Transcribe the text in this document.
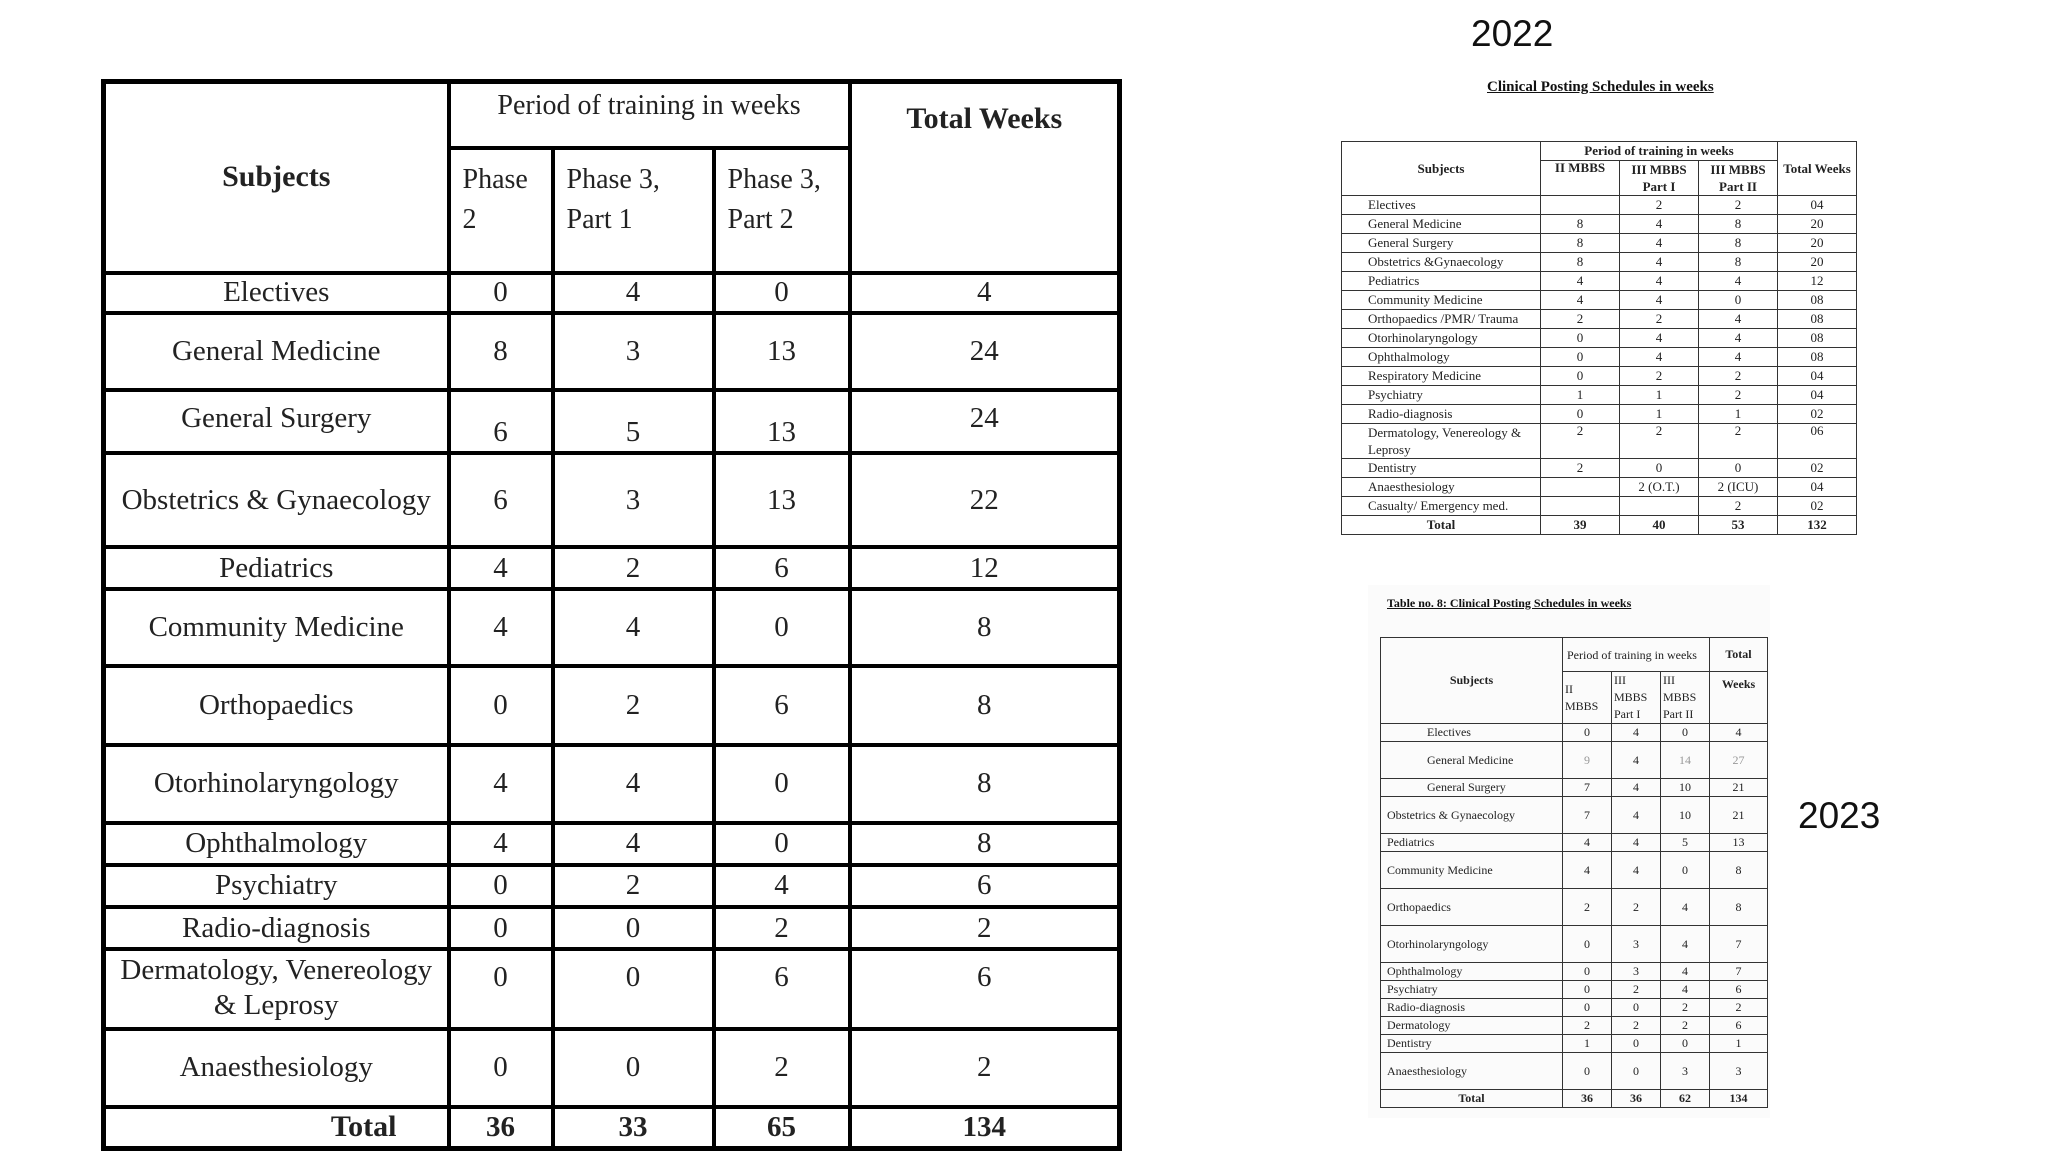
Subjects	Period of training in weeks			Total Weeks
	Phase 2	Phase 3, Part 1	Phase 3, Part 2	
Electives	0	4	0	4
General Medicine	8	3	13	24
General Surgery	6	5	13	24
Obstetrics & Gynaecology	6	3	13	22
Pediatrics	4	2	6	12
Community Medicine	4	4	0	8
Orthopaedics	0	2	6	8
Otorhinolaryngology	4	4	0	8
Ophthalmology	4	4	0	8
Psychiatry	0	2	4	6
Radio-diagnosis	0	0	2	2
Dermatology, Venereology & Leprosy	0	0	6	6
Anaesthesiology	0	0	2	2
Total	36	33	65	134
2022
2023
Clinical Posting Schedules in weeks
Subjects	Period of training in weeks			Total Weeks
	II MBBS	III MBBS Part I	III MBBS Part II	

Electives		2	2	04
General Medicine	8	4	8	20
General Surgery	8	4	8	20
Obstetrics &Gynaecology	8	4	8	20
Pediatrics	4	4	4	12
Community Medicine	4	4	0	08
Orthopaedics /PMR/ Trauma	2	2	4	08
Otorhinolaryngology	0	4	4	08
Ophthalmology	0	4	4	08
Respiratory Medicine	0	2	2	04
Psychiatry	1	1	2	04
Radio-diagnosis	0	1	1	02
Dermatology, Venereology & Leprosy	2	2	2	06
Dentistry	2	0	0	02
Anaesthesiology		2 (O.T.)	2 (ICU)	04
Casualty/ Emergency med.			2	02
Total	39	40	53	132
Table no. 8: Clinical Posting Schedules in weeks
Subjects	Period of training in weeks			Total
	II MBBS	III MBBS Part I	III MBBS Part II	Weeks
Electives	0	4	0	4
General Medicine	9	4	14	27
General Surgery	7	4	10	21
Obstetrics & Gynaecology	7	4	10	21
Pediatrics	4	4	5	13
Community Medicine	4	4	0	8
Orthopaedics	2	2	4	8
Otorhinolaryngology	0	3	4	7
Ophthalmology	0	3	4	7
Psychiatry	0	2	4	6
Radio-diagnosis	0	0	2	2
Dermatology	2	2	2	6
Dentistry	1	0	0	1
Anaesthesiology	0	0	3	3
Total	36	36	62	134
